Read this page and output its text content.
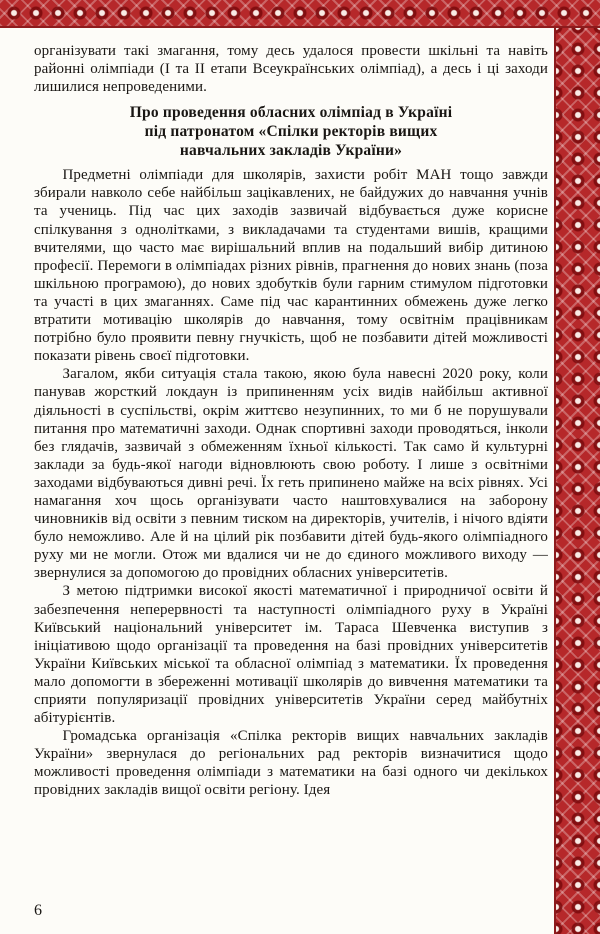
організувати такі змагання, тому десь удалося провести шкільні та навіть районні олімпіади (І та ІІ етапи Всеукраїнських олімпіад), а десь і ці заходи лишилися непроведеними.

Про проведення обласних олімпіад в Україні
під патронатом «Спілки ректорів вищих
навчальних закладів України»

Предметні олімпіади для школярів, захисти робіт МАН тощо завжди збирали навколо себе найбільш зацікавлених, не байдужих до навчання учнів та учениць. Під час цих заходів зазвичай відбувається дуже корисне спілкування з однолітками, з викладачами та студентами вишів, кращими вчителями, що часто має вирішальний вплив на подальший вибір дитиною професії. Перемоги в олімпіадах різних рівнів, прагнення до нових знань (поза шкільною програмою), до нових здобутків були гарним стимулом підготовки та участі в цих змаганнях. Саме під час карантинних обмежень дуже легко втратити мотивацію школярів до навчання, тому освітнім працівникам потрібно було проявити певну гнучкість, щоб не позбавити дітей можливості показати рівень своєї підготовки.

Загалом, якби ситуація стала такою, якою була навесні 2020 року, коли панував жорсткий локдаун із припиненням усіх видів найбільш активної діяльності в суспільстві, окрім життєво незупинних, то ми б не порушували питання про математичні заходи. Однак спортивні заходи проводяться, інколи без глядачів, зазвичай з обмеженням їхньої кількості. Так само й культурні заклади за будь-якої нагоди відновлюють свою роботу. І лише з освітніми заходами відбуваються дивні речі. Їх геть припинено майже на всіх рівнях. Усі намагання хоч щось організувати часто наштовхувалися на заборону чиновників від освіти з певним тиском на директорів, учителів, і нічого вдіяти було неможливо. Але й на цілий рік позбавити дітей будь-якого олімпіадного руху ми не могли. Отож ми вдалися чи не до єдиного можливого виходу — звернулися за допомогою до провідних обласних університетів.

З метою підтримки високої якості математичної і природничої освіти й забезпечення неперервності та наступності олімпіадного руху в Україні Київський національний університет ім. Тараса Шевченка виступив з ініціативою щодо організації та проведення на базі провідних університетів України Київських міської та обласної олімпіад з математики. Їх проведення мало допомогти в збереженні мотивації школярів до вивчення математики та сприяти популяризації провідних університетів України серед майбутніх абітурієнтів.

Громадська організація «Спілка ректорів вищих навчальних закладів України» звернулася до регіональних рад ректорів визначитися щодо можливості проведення олімпіади з математики на базі одного чи декількох провідних закладів вищої освіти регіону. Ідея

6
